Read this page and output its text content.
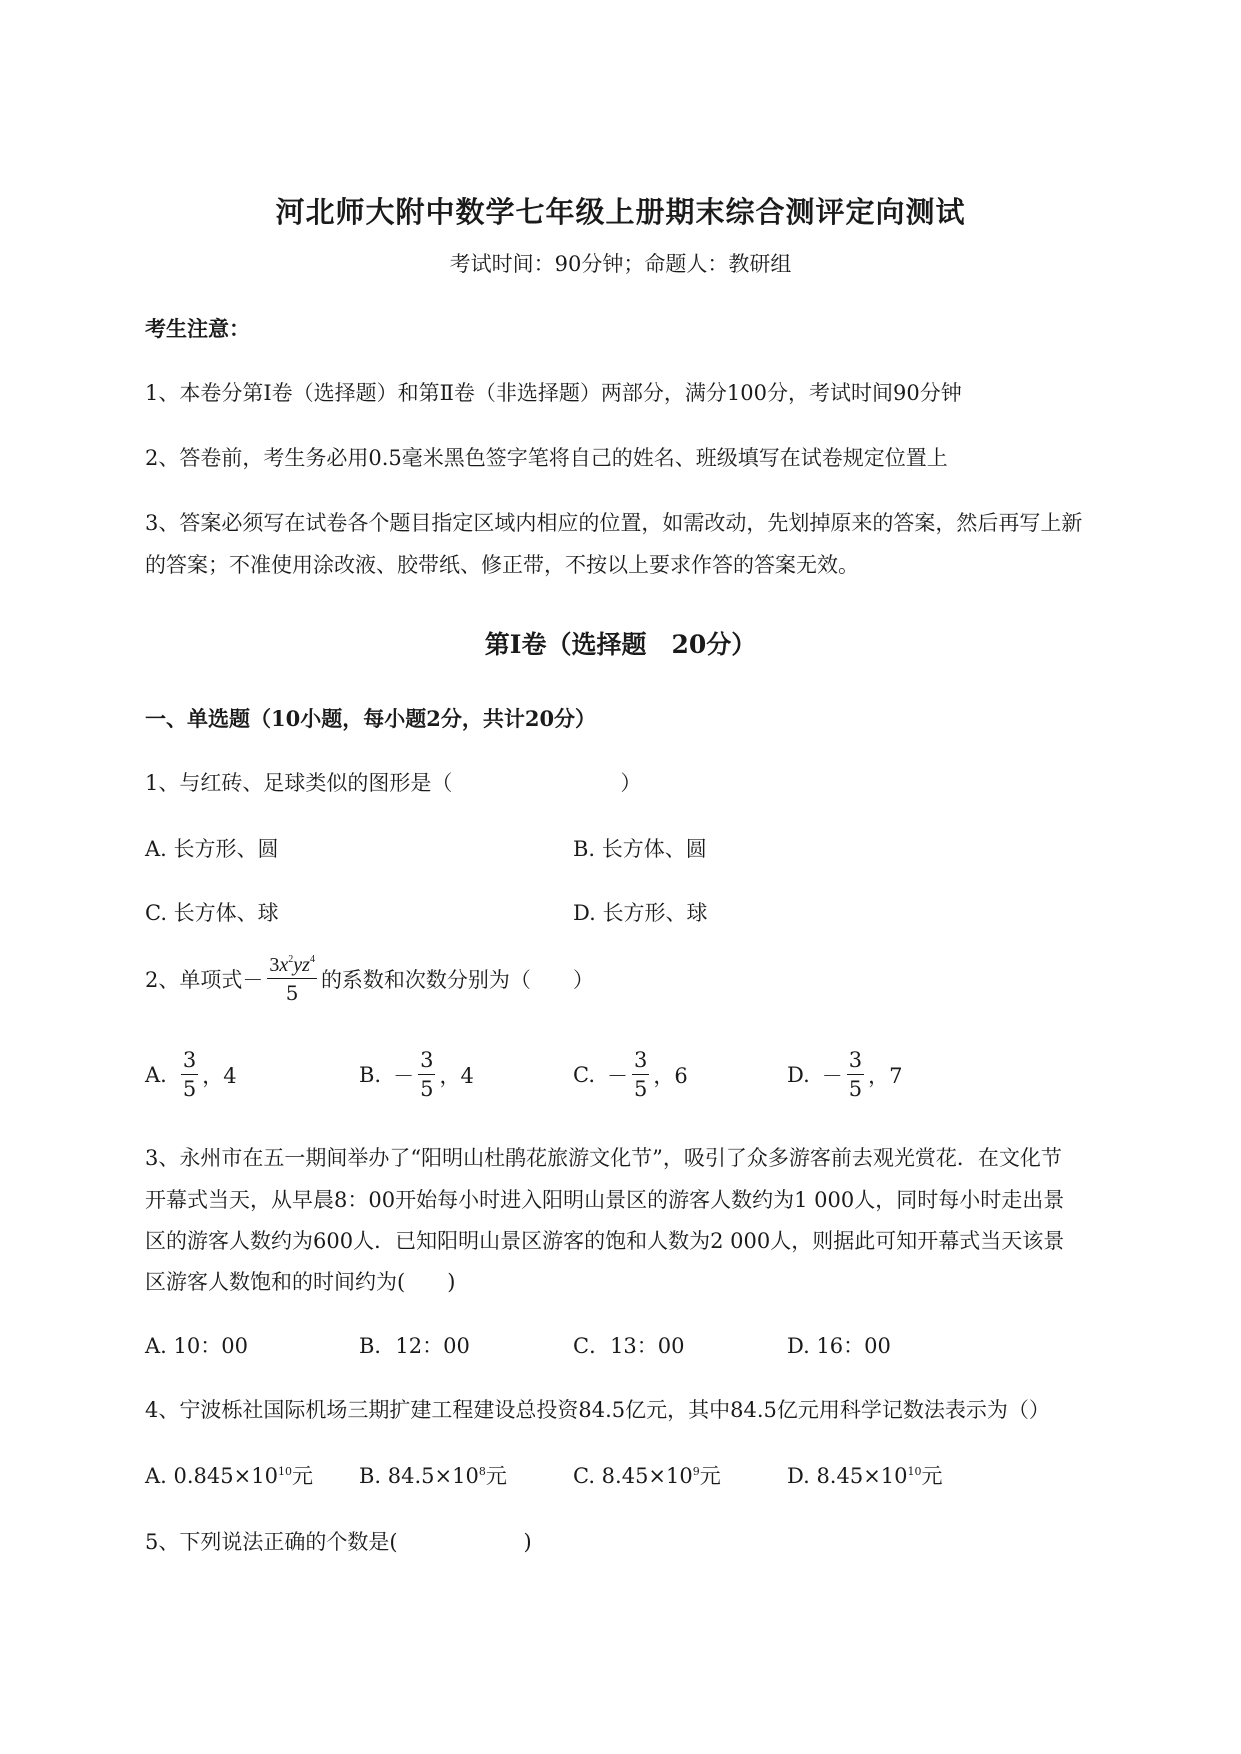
河北师大附中数学七年级上册期末综合测评定向测试
考试时间：90分钟；命题人：教研组
考生注意：
1、本卷分第Ⅰ卷（选择题）和第Ⅱ卷（非选择题）两部分，满分100分，考试时间90分钟
2、答卷前，考生务必用0.5毫米黑色签字笔将自己的姓名、班级填写在试卷规定位置上
3、答案必须写在试卷各个题目指定区域内相应的位置，如需改动，先划掉原来的答案，然后再写上新
的答案；不准使用涂改液、胶带纸、修正带，不按以上要求作答的答案无效。
第Ⅰ卷（选择题　20分）
一、单选题（10小题，每小题2分，共计20分）
1、与红砖、足球类似的图形是（　　　　　　　　）
A. 长方形、圆	B. 长方体、圆
C. 长方体、球	D. 长方形、球
2、单项式－ $\frac{3x^2yz^4}{5}$ 的系数和次数分别为（　　）
A. $\frac{3}{5}$ ，4	B. － $\frac{3}{5}$ ，4	C. － $\frac{3}{5}$ ，6	D. － $\frac{3}{5}$ ，7
3、永州市在五一期间举办了“阳明山杜鹃花旅游文化节”，吸引了众多游客前去观光赏花．在文化节
开幕式当天，从早晨8：00开始每小时进入阳明山景区的游客人数约为1 000人，同时每小时走出景
区的游客人数约为600人．已知阳明山景区游客的饱和人数为2 000人，则据此可知开幕式当天该景
区游客人数饱和的时间约为(　　)
A. 10：00	B．12：00	C．13：00	D. 16：00
4、宁波栎社国际机场三期扩建工程建设总投资84.5亿元，其中84.5亿元用科学记数法表示为（）
A. $0.845\times 10^{10}$元 B. $84.5\times 10^8$元	C. $8.45\times 10^9$元	D. $8.45\times 10^{10}$元
5、下列说法正确的个数是(　　　　　　)
